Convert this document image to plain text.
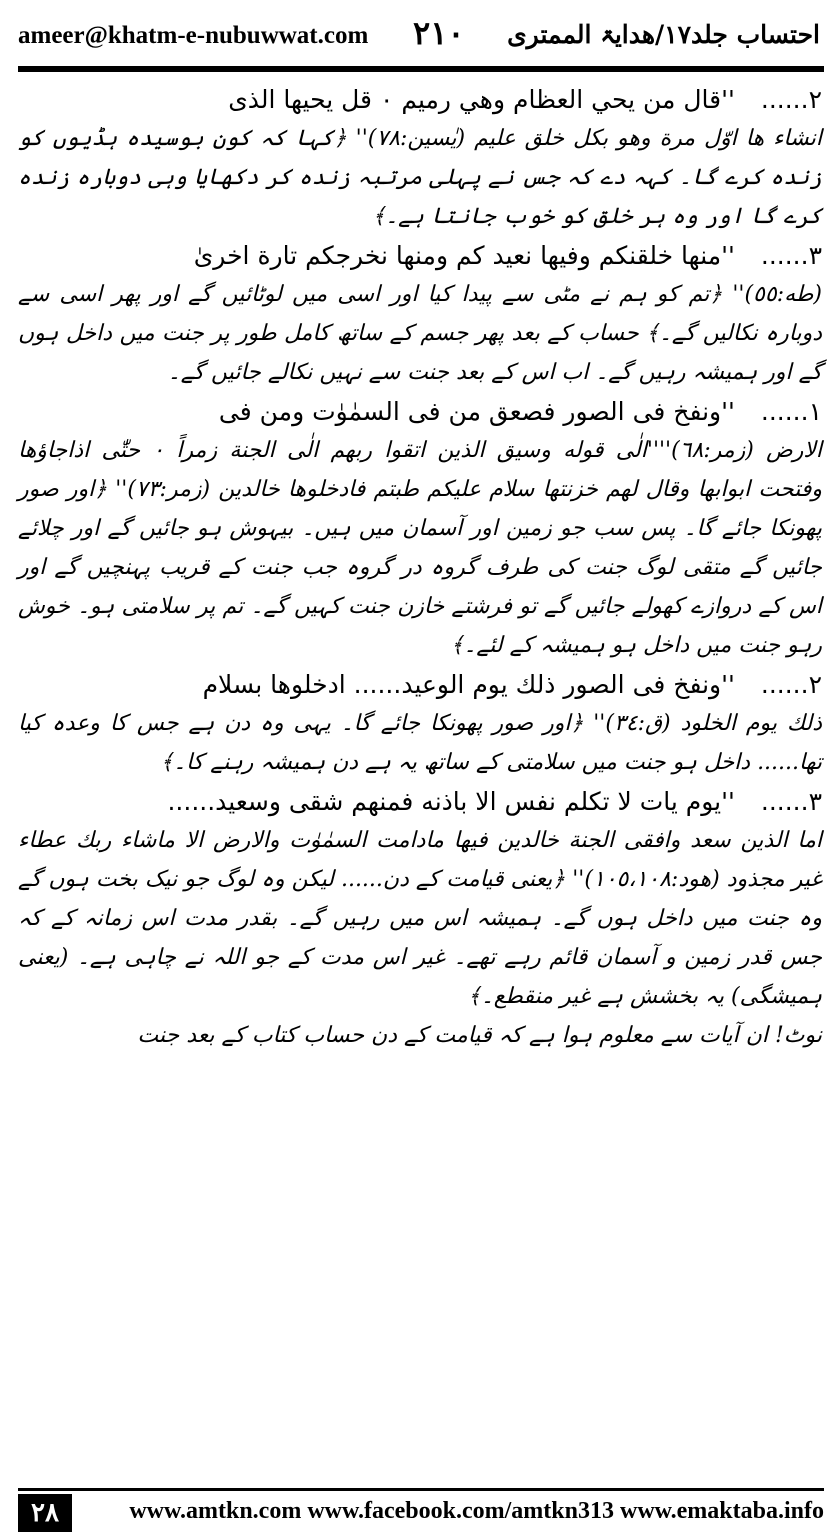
ameer@khatm-e-nubuwwat.com ٢١٠ احتساب جلد۱۷/ھدایۃ الممتری

٢......''قال من يحي العظام وهي رميم ٠ قل يحيها الذى

انشاء ھا اوّل مرة وھو بكل خلق عليم (يٰسين:٧٨)'' ﴿کہا کہ کون بوسیدہ ہڈیوں کو زندہ کرے گا۔ کہہ دے کہ جس نے پہلی مرتبہ زندہ کر دکھایا وہی دوبارہ زندہ کرے گا اور وہ ہر خلق کو خوب جانتا ہے۔﴾

٣......''منها خلقنكم وفيها نعيد كم ومنها نخرجكم تارة اخرىٰ

(طه:٥٥)'' ﴿تم کو ہم نے مٹی سے پیدا کیا اور اسی میں لوٹائیں گے اور پھر اسی سے دوبارہ نکالیں گے۔﴾ حساب کے بعد پھر جسم کے ساتھ کامل طور پر جنت میں داخل ہوں گے اور ہمیشہ رہیں گے۔ اب اس کے بعد جنت سے نہیں نکالے جائیں گے۔

١......''ونفخ فى الصور فصعق من فى السمٰوٰت ومن فى

الارض (زمر:٦٨)''''الٰى قوله وسيق الذين اتقوا ربهم الٰى الجنة زمراً ٠ حتّٰى اذاجاؤها وفتحت ابوابها وقال لهم خزنتها سلام عليكم طبتم فادخلوها خالدين (زمر:٧٣)'' ﴿اور صور پھونکا جائے گا۔ پس سب جو زمین اور آسمان میں ہیں۔ بیہوش ہو جائیں گے اور چلائے جائیں گے متقی لوگ جنت کی طرف گروہ در گروہ جب جنت کے قریب پہنچیں گے اور اس کے دروازے کھولے جائیں گے تو فرشتے خازن جنت کہیں گے۔ تم پر سلامتی ہو۔ خوش رہو جنت میں داخل ہو ہمیشہ کے لئے۔﴾

٢......''ونفخ فى الصور ذلك يوم الوعيد...... ادخلوها بسلام

ذلك يوم الخلود (ق:٣٤)'' ﴿اور صور پھونکا جائے گا۔ یہی وہ دن ہے جس کا وعدہ کیا تھا...... داخل ہو جنت میں سلامتی کے ساتھ یہ ہے دن ہمیشہ رہنے کا۔﴾

٣......''يوم يات لا تكلم نفس الا باذنه فمنهم شقى وسعيد......

اما الذين سعد وافقى الجنة خالدين فيها مادامت السمٰوٰت والارض الا ماشاء ربك عطاء غير مجذود (هود:١٠٥،١٠٨)'' ﴿یعنی قیامت کے دن...... لیکن وہ لوگ جو نیک بخت ہوں گے وہ جنت میں داخل ہوں گے۔ ہمیشہ اس میں رہیں گے۔ بقدر مدت اس زمانہ کے کہ جس قدر زمین و آسمان قائم رہے تھے۔ غیر اس مدت کے جو اللہ نے چاہی ہے۔ (یعنی ہمیشگی) یہ بخشش ہے غیر منقطع۔﴾

نوٹ! ان آیات سے معلوم ہوا ہے کہ قیامت کے دن حساب کتاب کے بعد جنت

٢٨	www.amtkn.com www.facebook.com/amtkn313 www.emaktaba.info
